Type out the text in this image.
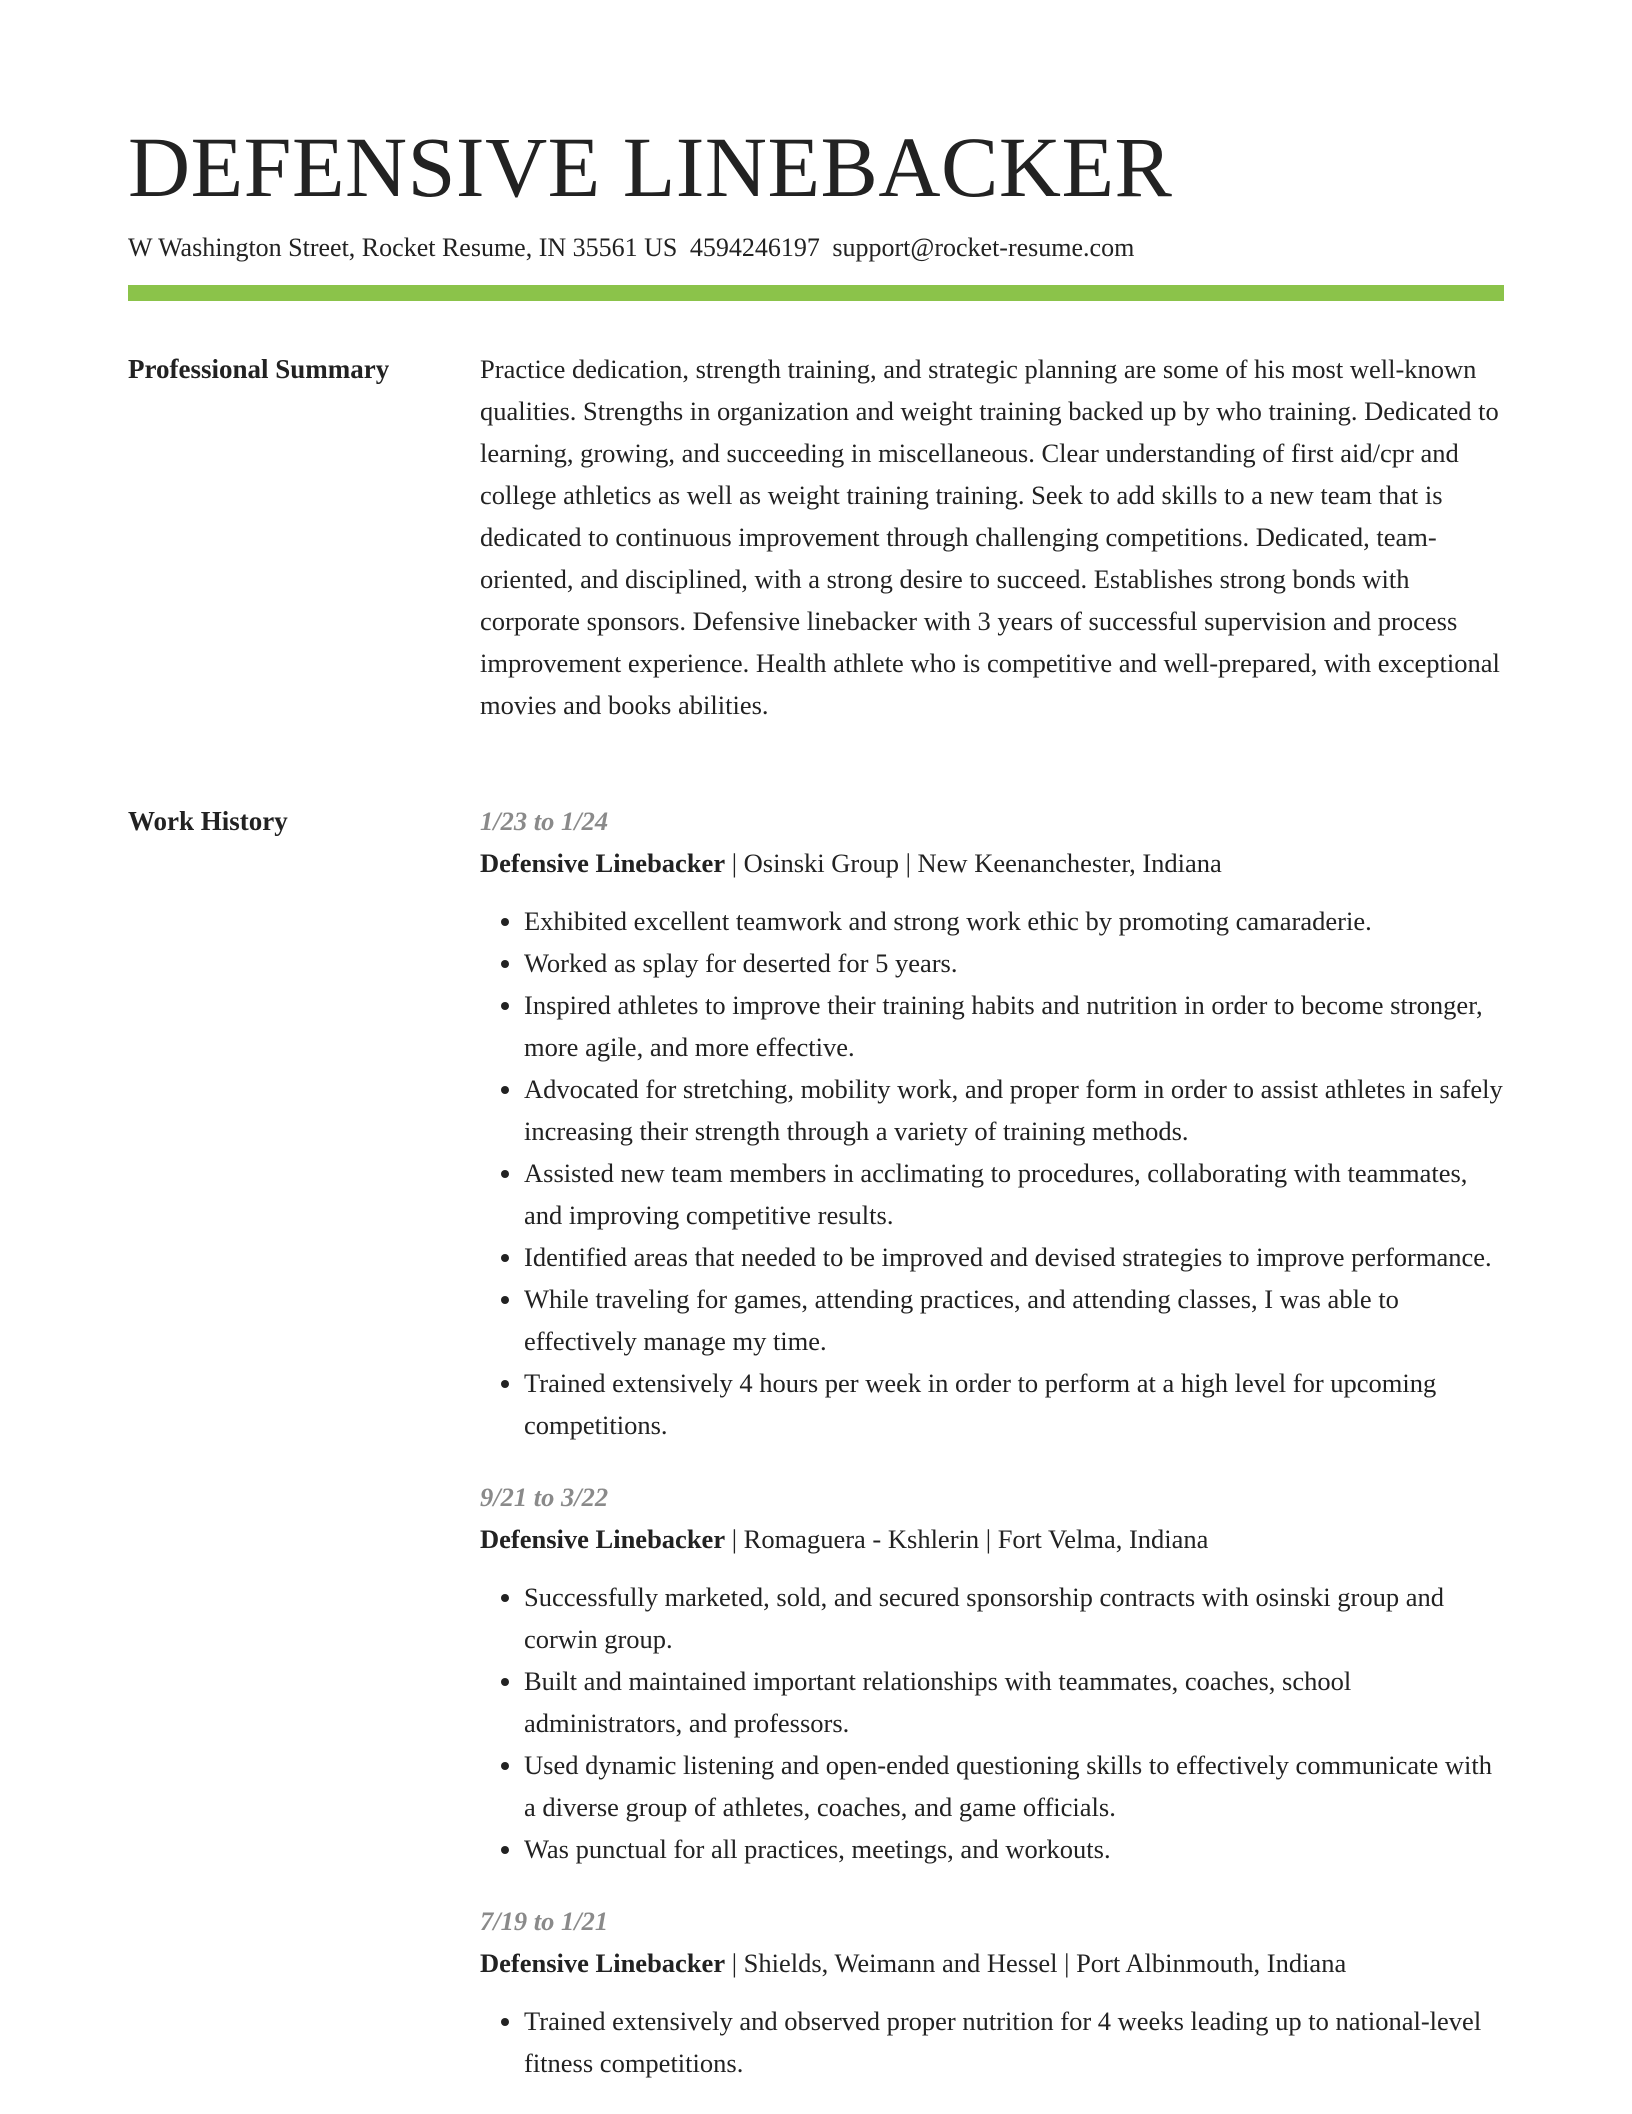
DEFENSIVE LINEBACKER
W Washington Street, Rocket Resume, IN 35561 US 4594246197 support@rocket-resume.com
Professional Summary	Practice dedication, strength training, and strategic planning are some of his most well-known qualities. Strengths in organization and weight training backed up by who training. Dedicated to learning, growing, and succeeding in miscellaneous. Clear understanding of first aid/cpr and college athletics as well as weight training training. Seek to add skills to a new team that is dedicated to continuous improvement through challenging competitions. Dedicated, team-oriented, and disciplined, with a strong desire to succeed. Establishes strong bonds with corporate sponsors. Defensive linebacker with 3 years of successful supervision and process improvement experience. Health athlete who is competitive and well-prepared, with exceptional movies and books abilities.

Work History	1/23 to 1/24
Defensive Linebacker | Osinski Group | New Keenanchester, Indiana
• Exhibited excellent teamwork and strong work ethic by promoting camaraderie.
• Worked as splay for deserted for 5 years.
• Inspired athletes to improve their training habits and nutrition in order to become stronger, more agile, and more effective.
• Advocated for stretching, mobility work, and proper form in order to assist athletes in safely increasing their strength through a variety of training methods.
• Assisted new team members in acclimating to procedures, collaborating with teammates, and improving competitive results.
• Identified areas that needed to be improved and devised strategies to improve performance.
• While traveling for games, attending practices, and attending classes, I was able to effectively manage my time.
• Trained extensively 4 hours per week in order to perform at a high level for upcoming competitions.
9/21 to 3/22
Defensive Linebacker | Romaguera - Kshlerin | Fort Velma, Indiana
• Successfully marketed, sold, and secured sponsorship contracts with osinski group and corwin group.
• Built and maintained important relationships with teammates, coaches, school administrators, and professors.
• Used dynamic listening and open-ended questioning skills to effectively communicate with a diverse group of athletes, coaches, and game officials.
• Was punctual for all practices, meetings, and workouts.
7/19 to 1/21
Defensive Linebacker | Shields, Weimann and Hessel | Port Albinmouth, Indiana
• Trained extensively and observed proper nutrition for 4 weeks leading up to national-level fitness competitions.
